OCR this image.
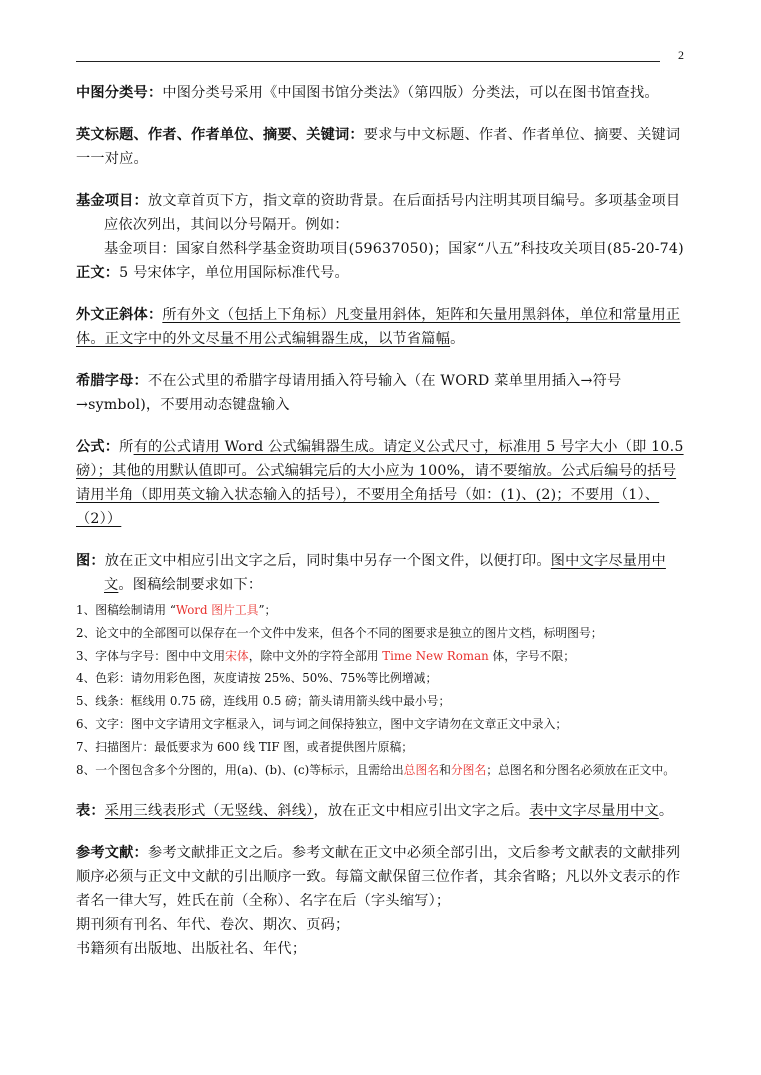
2

中图分类号：中图分类号采用《中国图书馆分类法》（第四版）分类法，可以在图书馆查找。

英文标题、作者、作者单位、摘要、关键词：要求与中文标题、作者、作者单位、摘要、关键词一一对应。

基金项目：放文章首页下方，指文章的资助背景。在后面括号内注明其项目编号。多项基金项目应依次列出，其间以分号隔开。例如：

基金项目：国家自然科学基金资助项目(59637050)；国家“八五”科技攻关项目(85-20-74)

正文：5 号宋体字，单位用国际标准代号。

外文正斜体：所有外文（包括上下角标）凡变量用斜体，矩阵和矢量用黑斜体，单位和常量用正体。正文字中的外文尽量不用公式编辑器生成，以节省篇幅。

希腊字母：不在公式里的希腊字母请用插入符号输入（在 WORD 菜单里用插入→符号→symbol)，不要用动态键盘输入

公式：所有的公式请用 Word 公式编辑器生成。请定义公式尺寸，标准用 5 号字大小（即 10.5 磅）；其他的用默认值即可。公式编辑完后的大小应为 100%，请不要缩放。公式后编号的括号请用半角（即用英文输入状态输入的括号），不要用全角括号（如：(1)、(2)；不要用（1）、（2））

图：放在正文中相应引出文字之后，同时集中另存一个图文件，以便打印。图中文字尽量用中文。图稿绘制要求如下：

1、图稿绘制请用 “Word 图片工具”；

2、论文中的全部图可以保存在一个文件中发来，但各个不同的图要求是独立的图片文档，标明图号；

3、字体与字号：图中中文用宋体，除中文外的字符全部用 Time New Roman 体，字号不限；

4、色彩：请勿用彩色图，灰度请按 25%、50%、75%等比例增减；

5、线条：框线用 0.75 磅，连线用 0.5 磅；箭头请用箭头线中最小号；

6、文字：图中文字请用文字框录入，词与词之间保持独立，图中文字请勿在文章正文中录入；

7、扫描图片：最低要求为 600 线 TIF 图，或者提供图片原稿；

8、一个图包含多个分图的，用(a)、(b)、(c)等标示，且需给出总图名和分图名；总图名和分图名必须放在正文中。

表：采用三线表形式（无竖线、斜线），放在正文中相应引出文字之后。表中文字尽量用中文。

参考文献：参考文献排正文之后。参考文献在正文中必须全部引出，文后参考文献表的文献排列顺序必须与正文中文献的引出顺序一致。每篇文献保留三位作者，其余省略；凡以外文表示的作者名一律大写，姓氏在前（全称）、名字在后（字头缩写）；

期刊须有刊名、年代、卷次、期次、页码；

书籍须有出版地、出版社名、年代；
